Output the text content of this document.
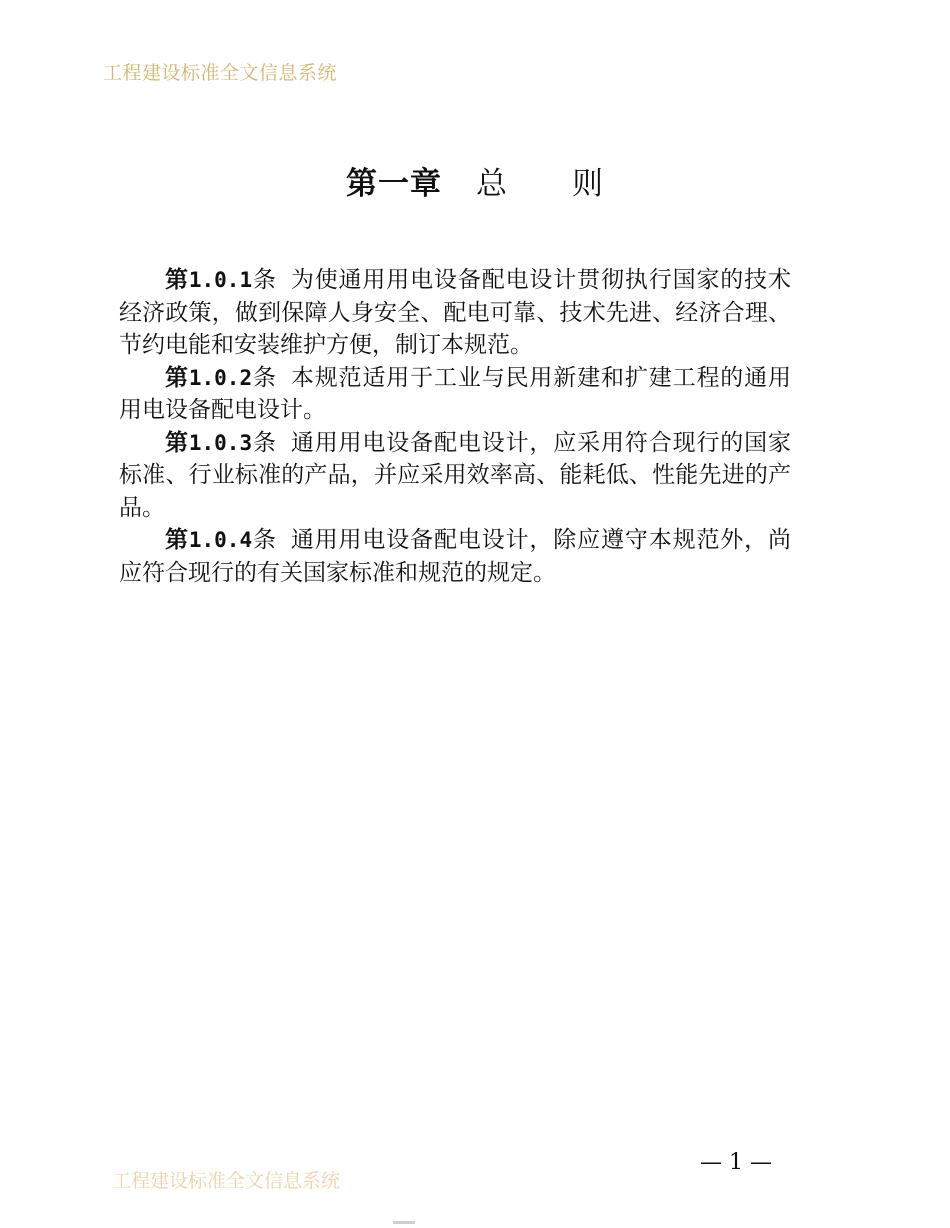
工程建设标准全文信息系统
第一章 总 则

第1.0.1条 为使通用用电设备配电设计贯彻执行国家的技术经济政策，做到保障人身安全、配电可靠、技术先进、经济合理、节约电能和安装维护方便，制订本规范。

第1.0.2条 本规范适用于工业与民用新建和扩建工程的通用用电设备配电设计。

第1.0.3条 通用用电设备配电设计，应采用符合现行的国家标准、行业标准的产品，并应采用效率高、能耗低、性能先进的产品。

第1.0.4条 通用用电设备配电设计，除应遵守本规范外，尚应符合现行的有关国家标准和规范的规定。

— 1 —
工程建设标准全文信息系统
